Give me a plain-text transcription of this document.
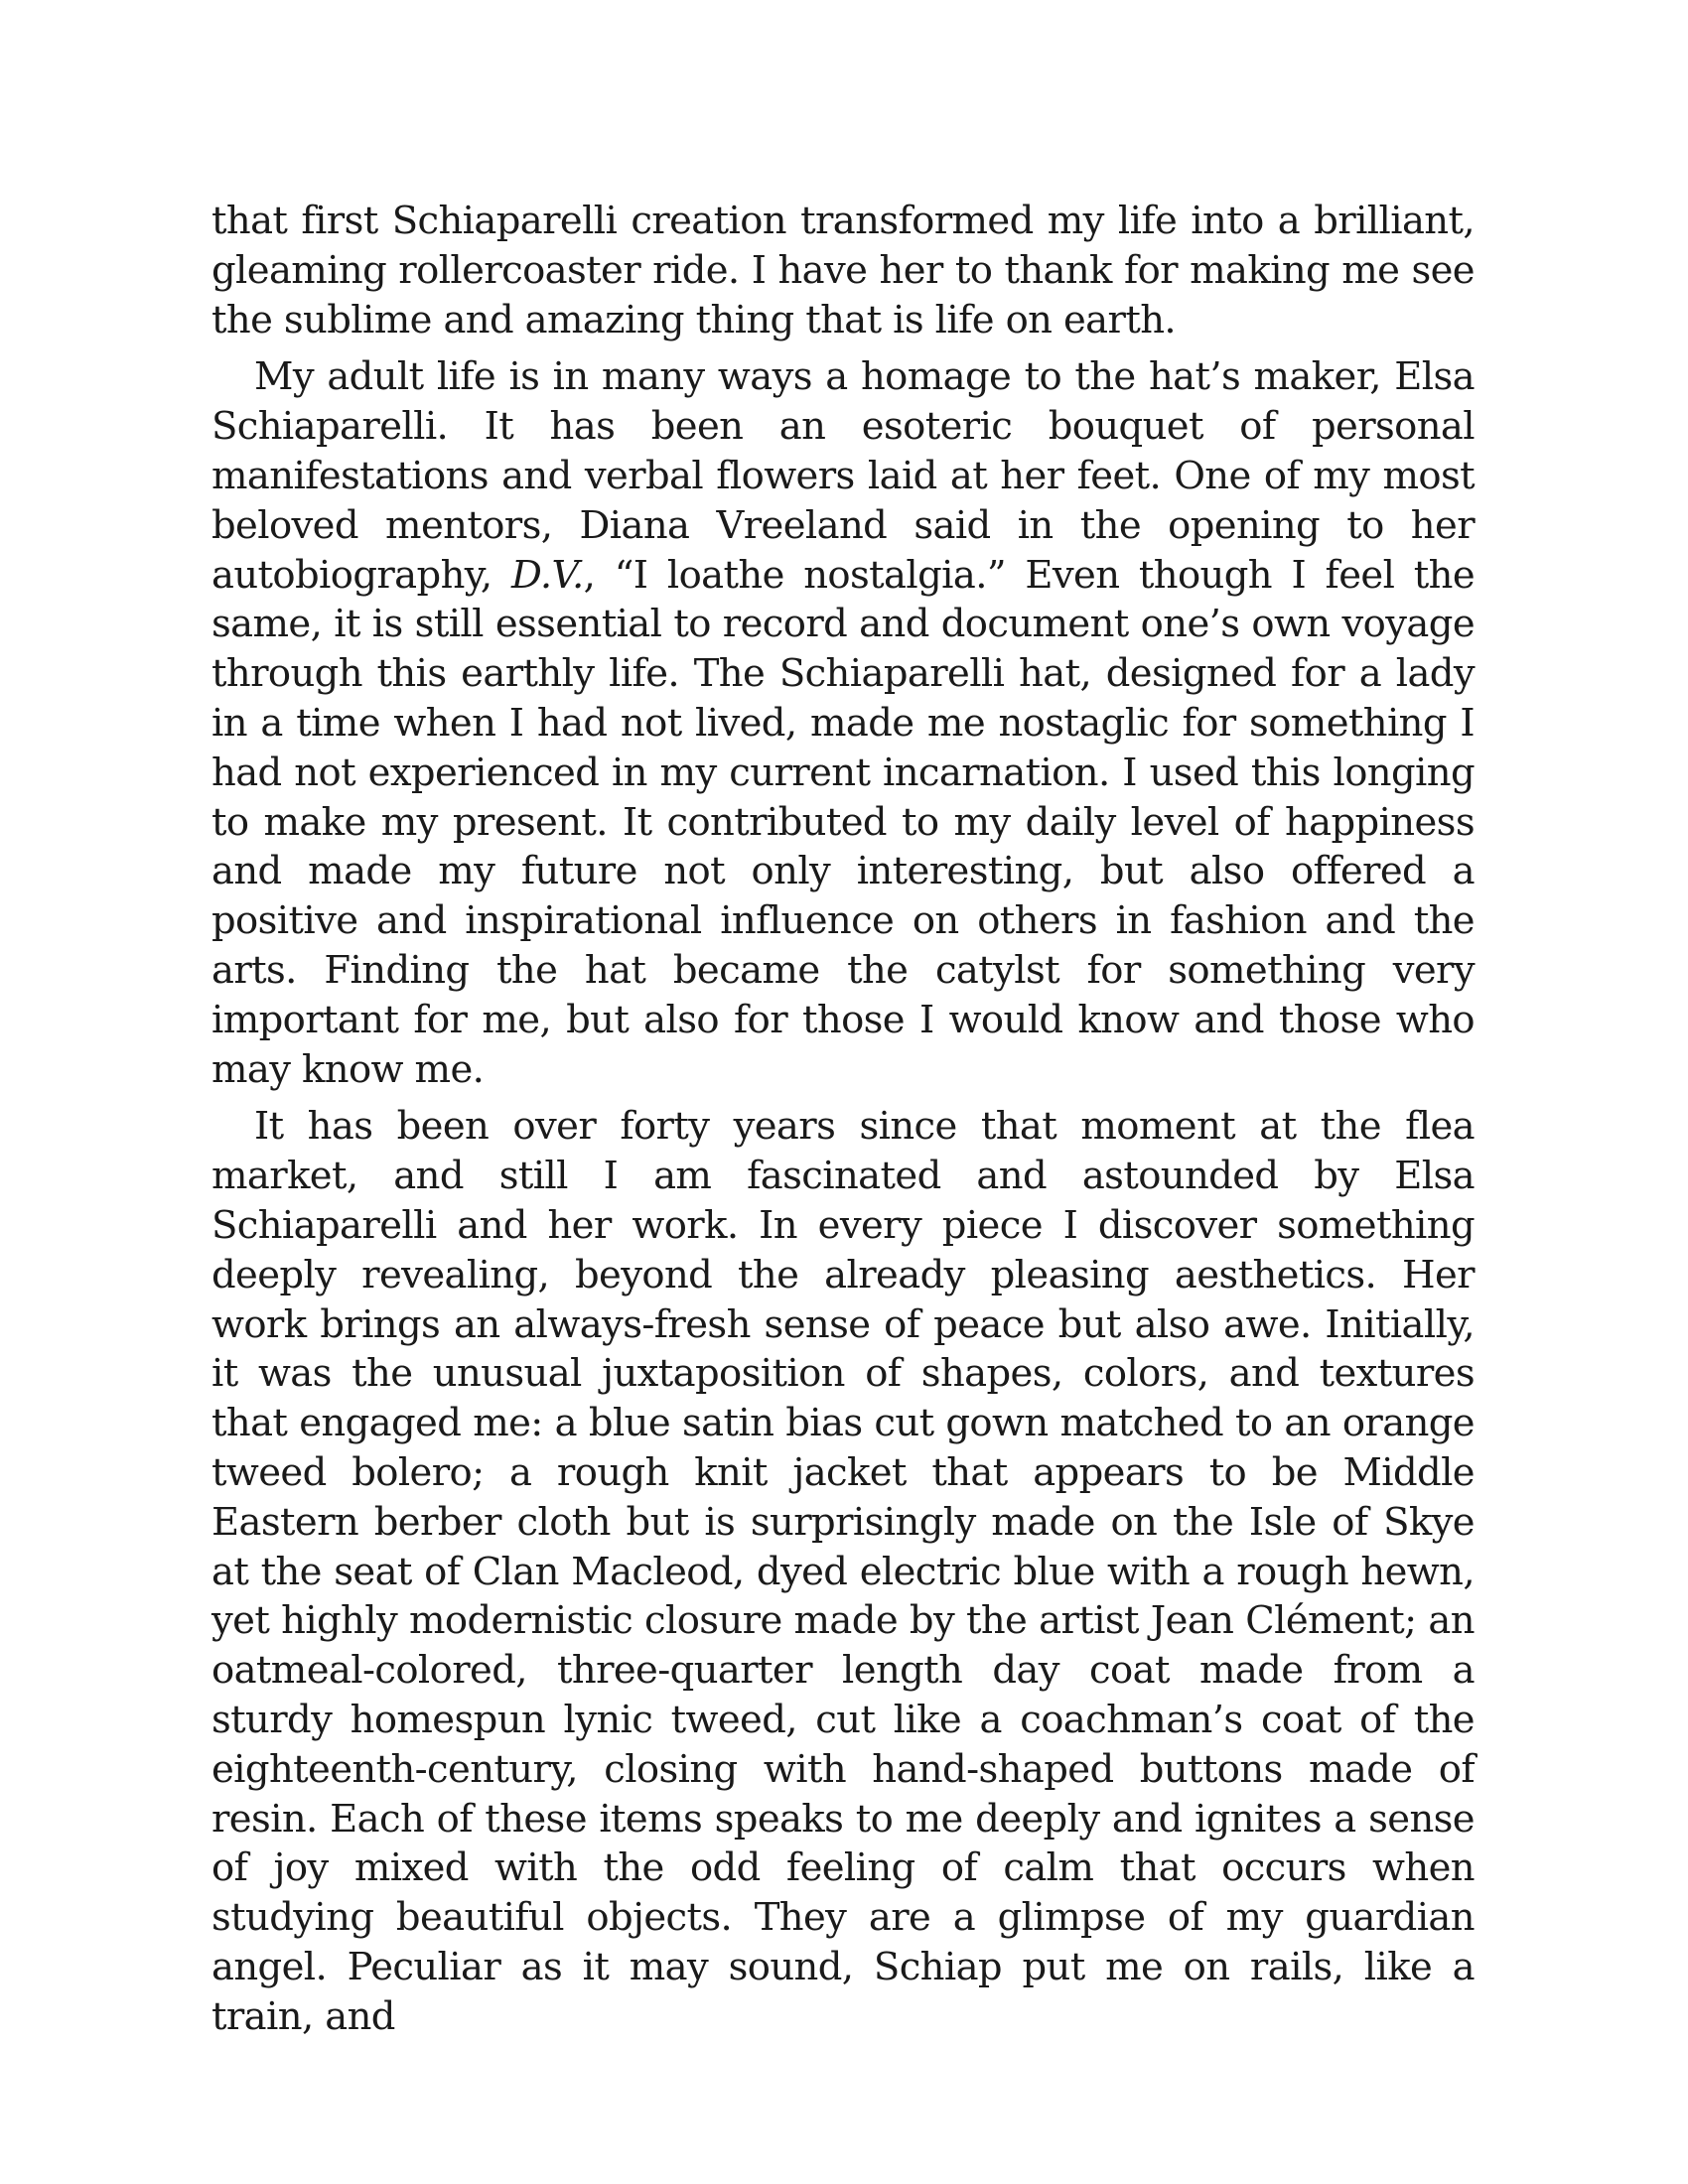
that first Schiaparelli creation transformed my life into a brilliant, gleaming rollercoaster ride. I have her to thank for making me see the sublime and amazing thing that is life on earth.

My adult life is in many ways a homage to the hat’s maker, Elsa Schiaparelli. It has been an esoteric bouquet of personal manifestations and verbal flowers laid at her feet. One of my most beloved mentors, Diana Vreeland said in the opening to her autobiography, D.V., “I loathe nostalgia.” Even though I feel the same, it is still essential to record and document one’s own voyage through this earthly life. The Schiaparelli hat, designed for a lady in a time when I had not lived, made me nostaglic for something I had not experienced in my current incarnation. I used this longing to make my present. It contributed to my daily level of happiness and made my future not only interesting, but also offered a positive and inspirational influence on others in fashion and the arts. Finding the hat became the catylst for something very important for me, but also for those I would know and those who may know me.

It has been over forty years since that moment at the flea market, and still I am fascinated and astounded by Elsa Schiaparelli and her work. In every piece I discover something deeply revealing, beyond the already pleasing aesthetics. Her work brings an always-fresh sense of peace but also awe. Initially, it was the unusual juxtaposition of shapes, colors, and textures that engaged me: a blue satin bias cut gown matched to an orange tweed bolero; a rough knit jacket that appears to be Middle Eastern berber cloth but is surprisingly made on the Isle of Skye at the seat of Clan Macleod, dyed electric blue with a rough hewn, yet highly modernistic closure made by the artist Jean Clément; an oatmeal-colored, three-quarter length day coat made from a sturdy homespun lynic tweed, cut like a coachman’s coat of the eighteenth-century, closing with hand-shaped buttons made of resin. Each of these items speaks to me deeply and ignites a sense of joy mixed with the odd feeling of calm that occurs when studying beautiful objects. They are a glimpse of my guardian angel. Peculiar as it may sound, Schiap put me on rails, like a train, and
